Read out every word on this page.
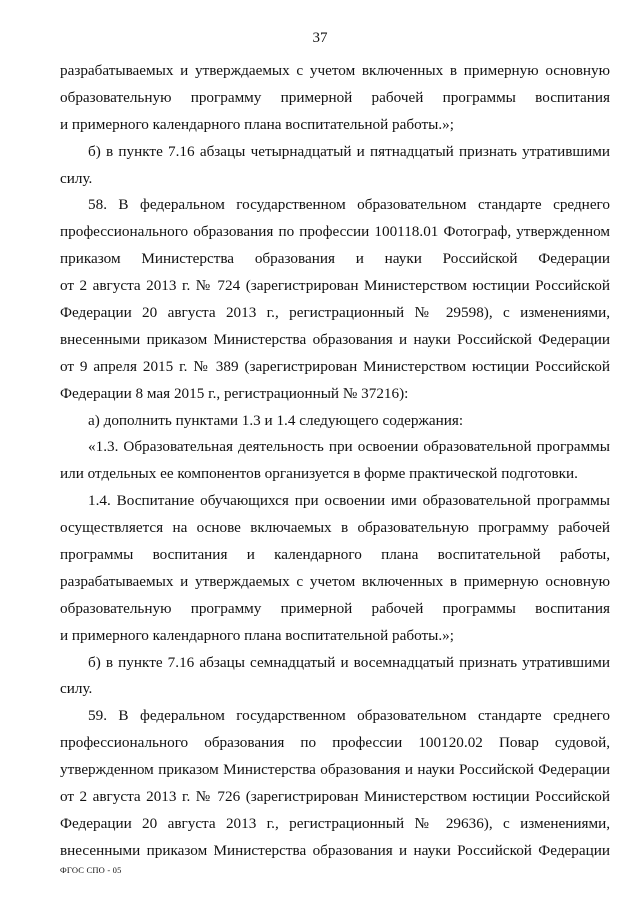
37
разрабатываемых и утверждаемых с учетом включенных в примерную основную
образовательную программу примерной рабочей программы воспитания
и примерного календарного плана воспитательной работы.»;
б) в пункте 7.16 абзацы четырнадцатый и пятнадцатый признать утратившими
силу.
58. В федеральном государственном образовательном стандарте среднего
профессионального образования по профессии 100118.01 Фотограф, утвержденном
приказом Министерства образования и науки Российской Федерации
от 2 августа 2013 г. № 724 (зарегистрирован Министерством юстиции Российской
Федерации 20 августа 2013 г., регистрационный № 29598), с изменениями,
внесенными приказом Министерства образования и науки Российской Федерации
от 9 апреля 2015 г. № 389 (зарегистрирован Министерством юстиции Российской
Федерации 8 мая 2015 г., регистрационный № 37216):
а) дополнить пунктами 1.3 и 1.4 следующего содержания:
«1.3. Образовательная деятельность при освоении образовательной программы
или отдельных ее компонентов организуется в форме практической подготовки.
1.4. Воспитание обучающихся при освоении ими образовательной программы
осуществляется на основе включаемых в образовательную программу рабочей
программы воспитания и календарного плана воспитательной работы,
разрабатываемых и утверждаемых с учетом включенных в примерную основную
образовательную программу примерной рабочей программы воспитания
и примерного календарного плана воспитательной работы.»;
б) в пункте 7.16 абзацы семнадцатый и восемнадцатый признать утратившими
силу.
59. В федеральном государственном образовательном стандарте среднего
профессионального образования по профессии 100120.02 Повар судовой,
утвержденном приказом Министерства образования и науки Российской Федерации
от 2 августа 2013 г. № 726 (зарегистрирован Министерством юстиции Российской
Федерации 20 августа 2013 г., регистрационный № 29636), с изменениями,
внесенными приказом Министерства образования и науки Российской Федерации
ФГОС СПО - 05
